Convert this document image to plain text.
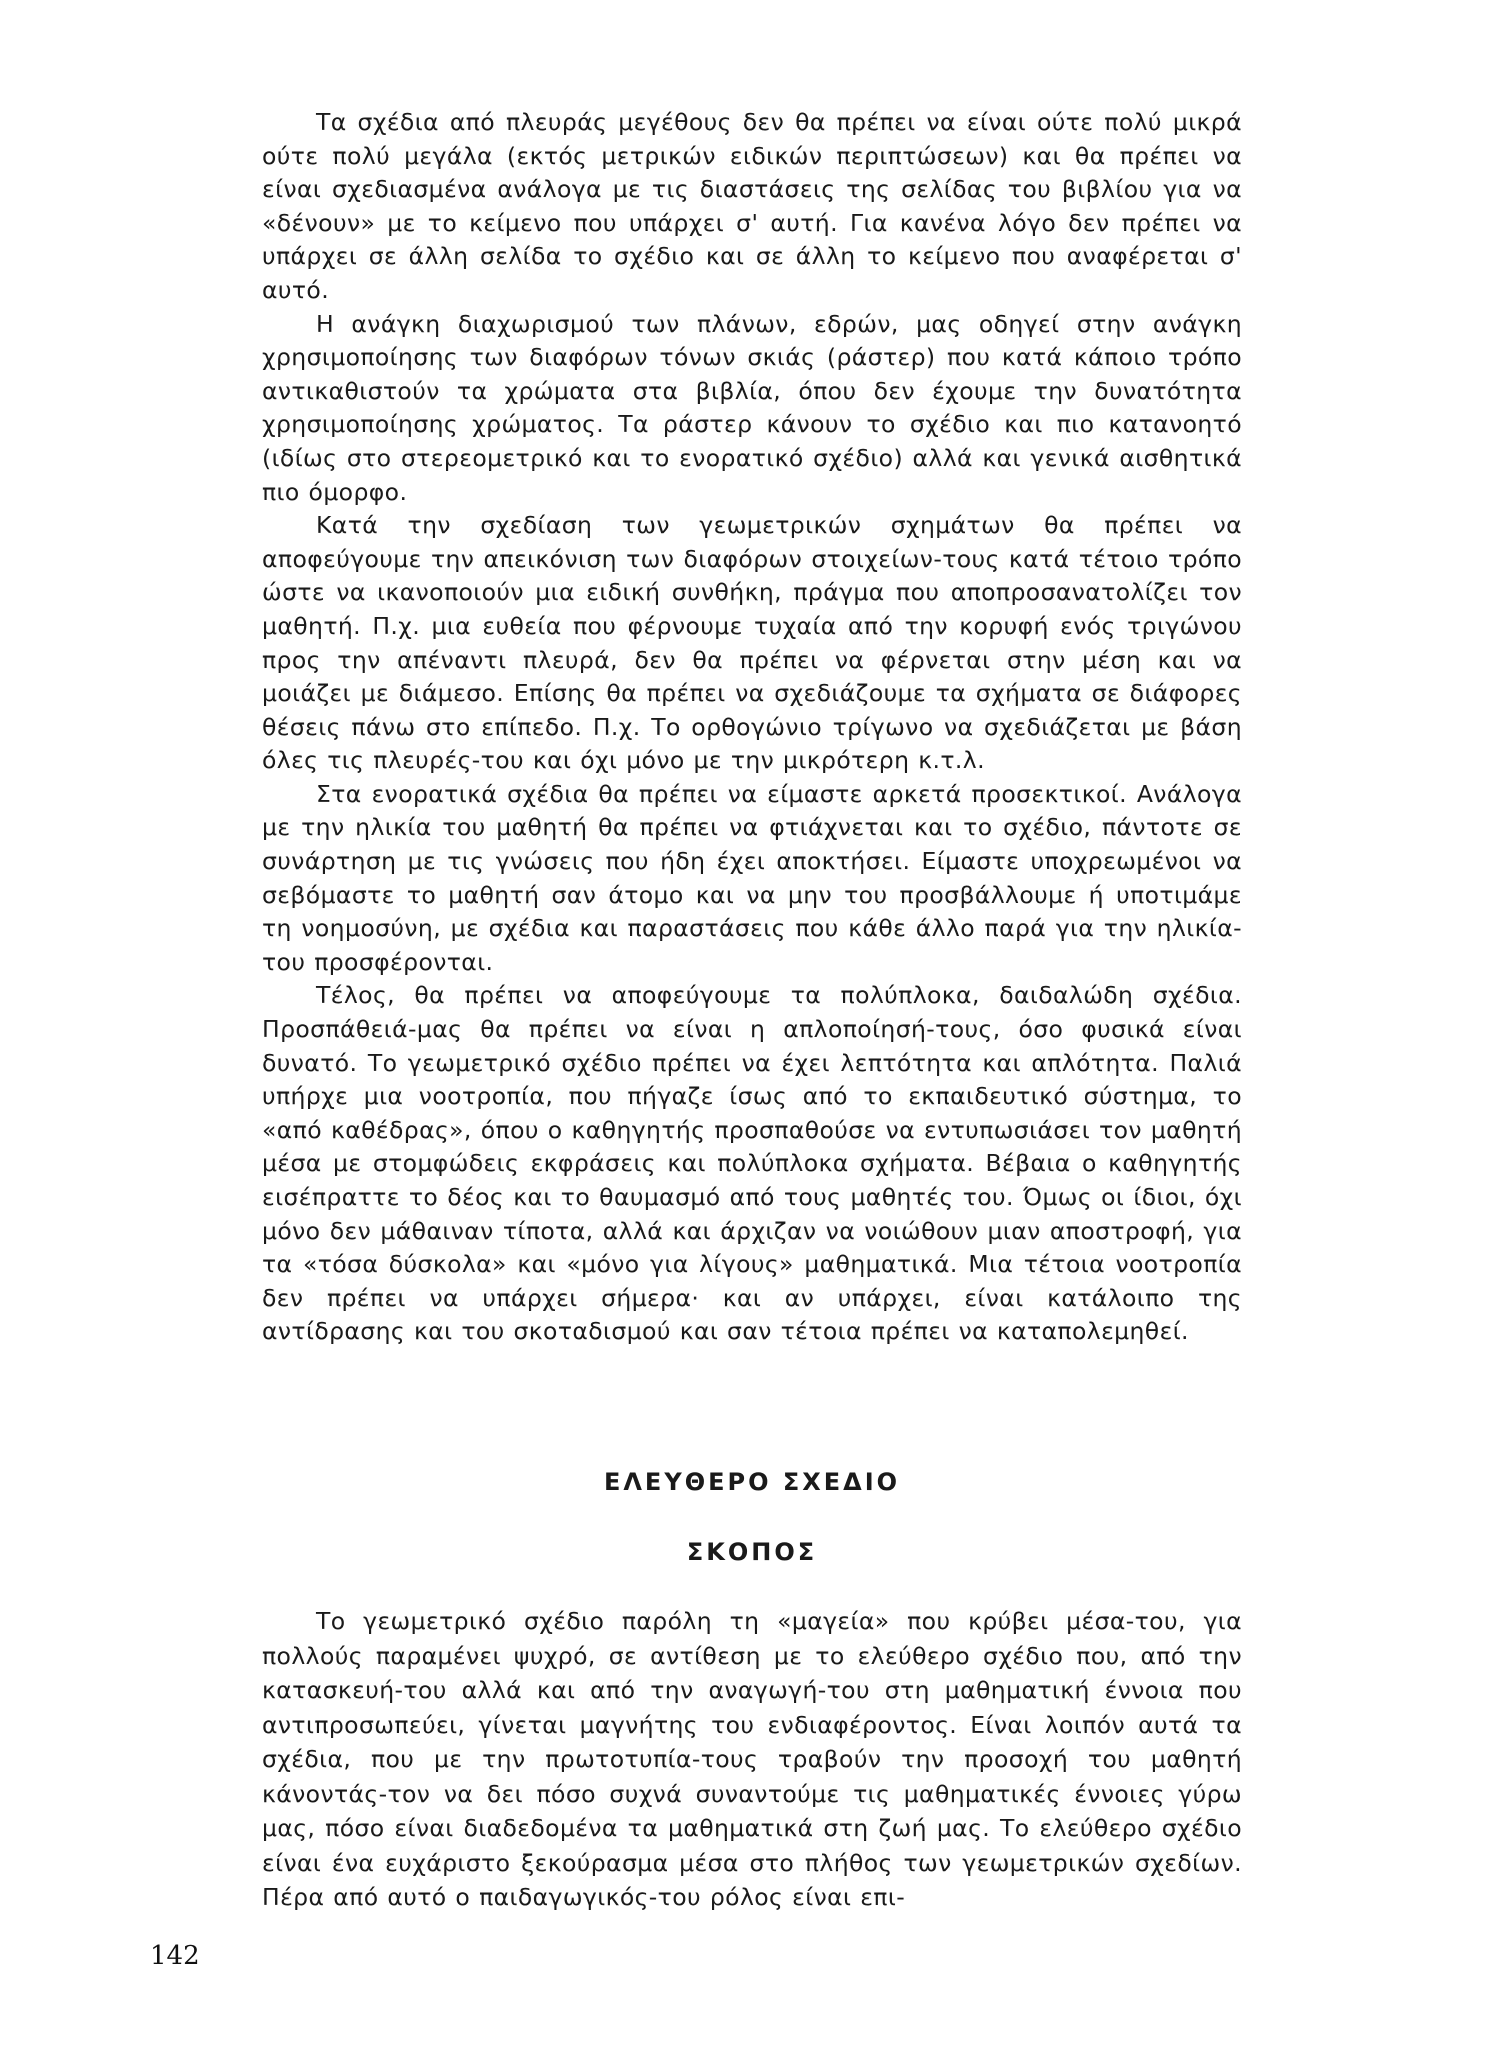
Τα σχέδια από πλευράς μεγέθους δεν θα πρέπει να είναι ούτε πολύ μικρά ούτε πολύ μεγάλα (εκτός μετρικών ειδικών περιπτώσεων) και θα πρέπει να είναι σχεδιασμένα ανάλογα με τις διαστάσεις της σελίδας του βιβλίου για να «δένουν» με το κείμενο που υπάρχει σ' αυτή. Για κανένα λόγο δεν πρέπει να υπάρχει σε άλλη σελίδα το σχέδιο και σε άλλη το κείμενο που αναφέρεται σ' αυτό.

Η ανάγκη διαχωρισμού των πλάνων, εδρών, μας οδηγεί στην ανάγκη χρησιμοποίησης των διαφόρων τόνων σκιάς (ράστερ) που κατά κάποιο τρόπο αντικαθιστούν τα χρώματα στα βιβλία, όπου δεν έχουμε την δυνατότητα χρησιμοποίησης χρώματος. Τα ράστερ κάνουν το σχέδιο και πιο κατανοητό (ιδίως στο στερεομετρικό και το ενορατικό σχέδιο) αλλά και γενικά αισθητικά πιο όμορφο.

Κατά την σχεδίαση των γεωμετρικών σχημάτων θα πρέπει να αποφεύγουμε την απεικόνιση των διαφόρων στοιχείων-τους κατά τέτοιο τρόπο ώστε να ικανοποιούν μια ειδική συνθήκη, πράγμα που αποπροσανατολίζει τον μαθητή. Π.χ. μια ευθεία που φέρνουμε τυχαία από την κορυφή ενός τριγώνου προς την απέναντι πλευρά, δεν θα πρέπει να φέρνεται στην μέση και να μοιάζει με διάμεσο. Επίσης θα πρέπει να σχεδιάζουμε τα σχήματα σε διάφορες θέσεις πάνω στο επίπεδο. Π.χ. Το ορθογώνιο τρίγωνο να σχεδιάζεται με βάση όλες τις πλευρές-του και όχι μόνο με την μικρότερη κ.τ.λ.

Στα ενορατικά σχέδια θα πρέπει να είμαστε αρκετά προσεκτικοί. Ανάλογα με την ηλικία του μαθητή θα πρέπει να φτιάχνεται και το σχέδιο, πάντοτε σε συνάρτηση με τις γνώσεις που ήδη έχει αποκτήσει. Είμαστε υποχρεωμένοι να σεβόμαστε το μαθητή σαν άτομο και να μην του προσβάλλουμε ή υποτιμάμε τη νοημοσύνη, με σχέδια και παραστάσεις που κάθε άλλο παρά για την ηλικία-του προσφέρονται.

Τέλος, θα πρέπει να αποφεύγουμε τα πολύπλοκα, δαιδαλώδη σχέδια. Προσπάθειά-μας θα πρέπει να είναι η απλοποίησή-τους, όσο φυσικά είναι δυνατό. Το γεωμετρικό σχέδιο πρέπει να έχει λεπτότητα και απλότητα. Παλιά υπήρχε μια νοοτροπία, που πήγαζε ίσως από το εκπαιδευτικό σύστημα, το «από καθέδρας», όπου ο καθηγητής προσπαθούσε να εντυπωσιάσει τον μαθητή μέσα με στομφώδεις εκφράσεις και πολύπλοκα σχήματα. Βέβαια ο καθηγητής εισέπραττε το δέος και το θαυμασμό από τους μαθητές του. Όμως οι ίδιοι, όχι μόνο δεν μάθαιναν τίποτα, αλλά και άρχιζαν να νοιώθουν μιαν αποστροφή, για τα «τόσα δύσκολα» και «μόνο για λίγους» μαθηματικά. Μια τέτοια νοοτροπία δεν πρέπει να υπάρχει σήμερα· και αν υπάρχει, είναι κατάλοιπο της αντίδρασης και του σκοταδισμού και σαν τέτοια πρέπει να καταπολεμηθεί.

ΕΛΕΥΘΕΡΟ ΣΧΕΔΙΟ
ΣΚΟΠΟΣ

Το γεωμετρικό σχέδιο παρόλη τη «μαγεία» που κρύβει μέσα-του, για πολλούς παραμένει ψυχρό, σε αντίθεση με το ελεύθερο σχέδιο που, από την κατασκευή-του αλλά και από την αναγωγή-του στη μαθηματική έννοια που αντιπροσωπεύει, γίνεται μαγνήτης του ενδιαφέροντος. Είναι λοιπόν αυτά τα σχέδια, που με την πρωτοτυπία-τους τραβούν την προσοχή του μαθητή κάνοντάς-τον να δει πόσο συχνά συναντούμε τις μαθηματικές έννοιες γύρω μας, πόσο είναι διαδεδομένα τα μαθηματικά στη ζωή μας. Το ελεύθερο σχέδιο είναι ένα ευχάριστο ξεκούρασμα μέσα στο πλήθος των γεωμετρικών σχεδίων. Πέρα από αυτό ο παιδαγωγικός-του ρόλος είναι επι-

142
